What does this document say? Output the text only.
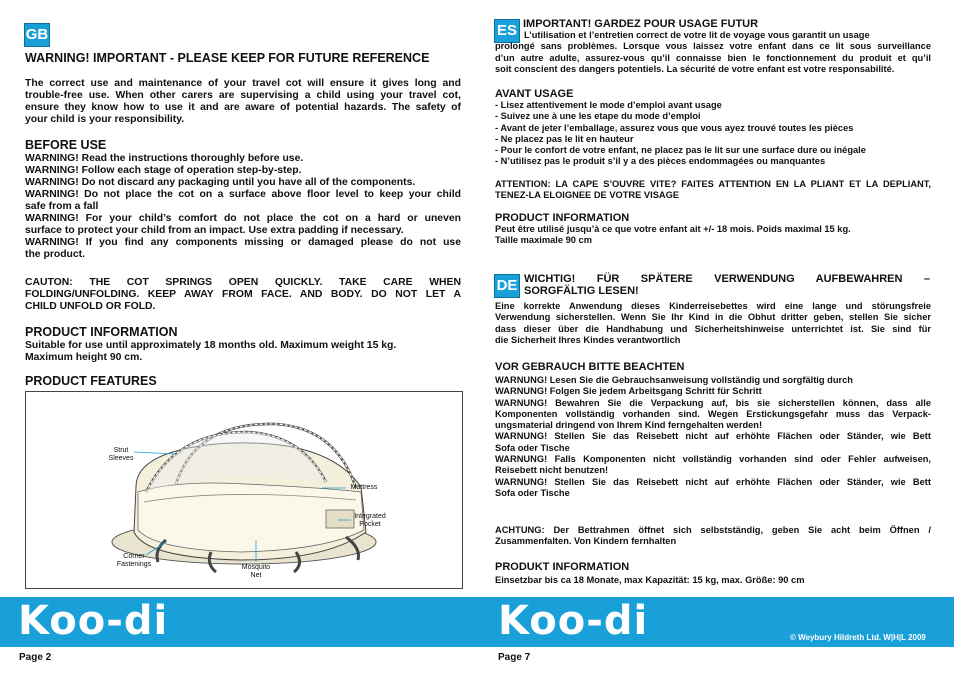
GB
WARNING! IMPORTANT - PLEASE KEEP FOR FUTURE REFERENCE
The correct use and maintenance of your travel cot will ensure it gives long and
trouble-free use. When other carers are supervising a child using your travel cot,
ensure they know how to use it and are aware of potential hazards. The safety of
your child is your responsibility.
BEFORE USE
WARNING! Read the instructions thoroughly before use.
WARNING! Follow each stage of operation step-by-step.
WARNING! Do not discard any packaging until you have all of the components.
WARNING! Do not place the cot on a surface above floor level to keep your child
safe from a fall
WARNING! For your child’s comfort do not place the cot on a hard or uneven
surface to protect your child from an impact. Use extra padding if necessary.
WARNING! If you find any components missing or damaged please do not use
the product.
CAUTON: THE COT SPRINGS OPEN QUICKLY. TAKE CARE WHEN
FOLDING/UNFOLDING. KEEP AWAY FROM FACE. AND BODY. DO NOT LET A
CHILD UNFOLD OR FOLD.
PRODUCT INFORMATION
Suitable for use until approximately 18 months old. Maximum weight 15 kg.
Maximum height 90 cm.
PRODUCT FEATURES
Strut
Sleeves
Mattress
Integrated
Pocket
Corner
Fastenings	Mosquito
Net
ES IMPORTANT! GARDEZ POUR USAGE FUTUR
L’utilisation et l’entretien correct de votre lit de voyage vous garantit un usage
prolongé sans problèmes. Lorsque vous laissez votre enfant dans ce lit sous surveillance
d’un autre adulte, assurez-vous qu’il connaisse bien le fonctionnement du produit et qu’il
soit conscient des dangers potentiels. La sécurité de votre enfant est votre responsabilité.
AVANT USAGE
- Lisez attentivement le mode d’emploi avant usage
- Suivez une à une les etape du mode d’emploi
- Avant de jeter l’emballage, assurez vous que vous ayez trouvé toutes les pièces
- Ne placez pas le lit en hauteur
- Pour le confort de votre enfant, ne placez pas le lit sur une surface dure ou inégale
- N’utilisez pas le produit s’il y a des pièces endommagées ou manquantes
ATTENTION: LA CAPE S’OUVRE VITE? FAITES ATTENTION EN LA PLIANT ET LA DEPLIANT,
TENEZ-LA ELOIGNEE DE VOTRE VISAGE
PRODUCT INFORMATION
Peut être utilisé jusqu’à ce que votre enfant ait +/- 18 mois. Poids maximal 15 kg.
Taille maximale 90 cm
DE WICHTIG! FÜR SPÄTERE VERWENDUNG AUFBEWAHREN –
SORGFÄLTIG LESEN!
Eine korrekte Anwendung dieses Kinderreisebettes wird eine lange und störungsfreie
Verwendung sicherstellen. Wenn Sie Ihr Kind in die Obhut dritter geben, stellen Sie sicher
dass dieser über die Handhabung und Sicherheitshinweise unterrichtet ist. Sie sind für
die Sicherheit Ihres Kindes verantwortlich
VOR GEBRAUCH BITTE BEACHTEN
WARNUNG! Lesen Sie die Gebrauchsanweisung vollständig und sorgfältig durch
WARNUNG! Folgen Sie jedem Arbeitsgang Schritt für Schritt
WARNUNG! Bewahren Sie die Verpackung auf, bis sie sicherstellen können, dass alle
Komponenten vollständig vorhanden sind. Wegen Erstickungsgefahr muss das Verpack-
ungsmaterial dringend von Ihrem Kind ferngehalten werden!
WARNUNG! Stellen Sie das Reisebett nicht auf erhöhte Flächen oder Ständer, wie Bett
Sofa oder Tische
WARNUNG! Falls Komponenten nicht vollständig vorhanden sind oder Fehler aufweisen,
Reisebett nicht benutzen!
WARNUNG! Stellen Sie das Reisebett nicht auf erhöhte Flächen oder Ständer, wie Bett
Sofa oder Tische
ACHTUNG: Der Bettrahmen öffnet sich selbstständig, geben Sie acht beim Öffnen /
Zusammenfalten. Von Kindern fernhalten
PRODUKT INFORMATION
Einsetzbar bis ca 18 Monate, max Kapazität: 15 kg, max. Größe: 90 cm
Koo-di	Koo-di	© Weybury Hildreth Ltd. W|H|L 2009
Page 2	Page 7
